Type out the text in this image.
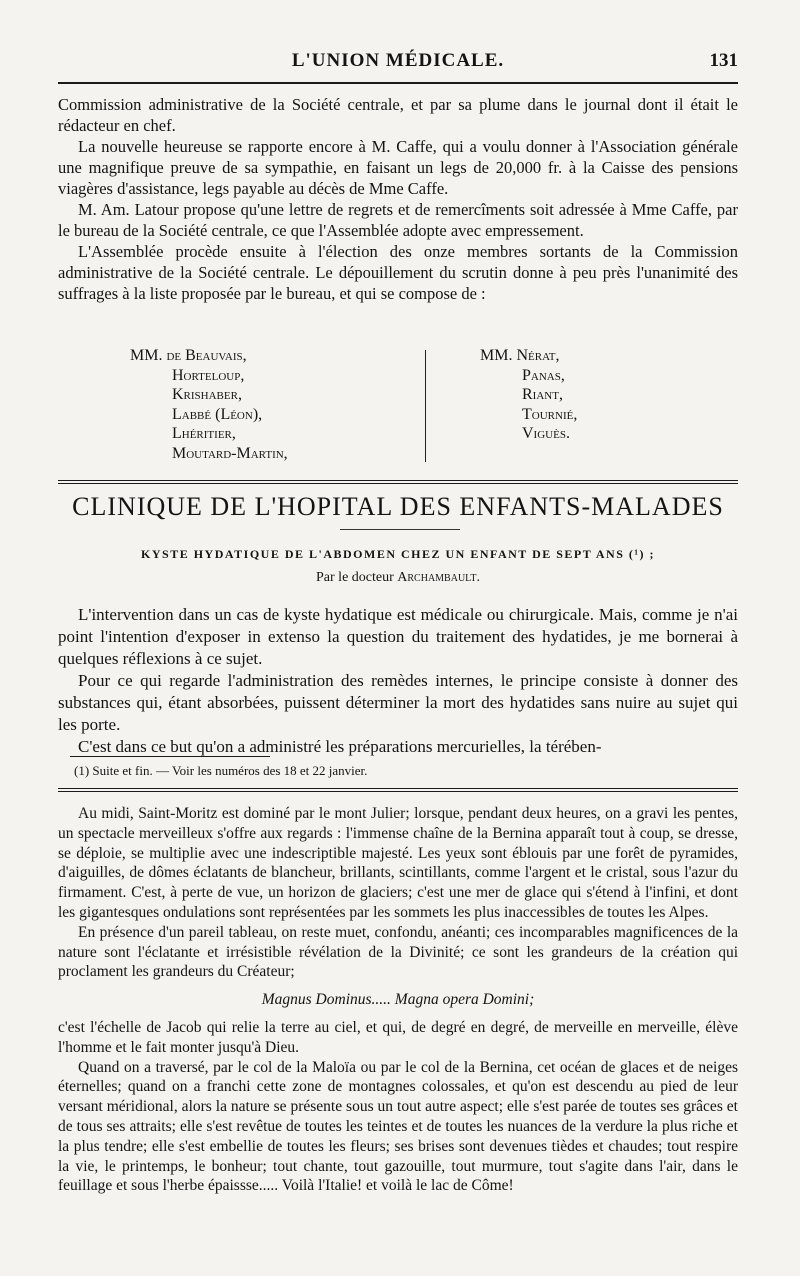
L'UNION MÉDICALE.	131

Commission administrative de la Société centrale, et par sa plume dans le journal dont il était le rédacteur en chef.

La nouvelle heureuse se rapporte encore à M. Caffe, qui a voulu donner à l'Association générale une magnifique preuve de sa sympathie, en faisant un legs de 20,000 fr. à la Caisse des pensions viagères d'assistance, legs payable au décès de Mme Caffe.

M. Am. Latour propose qu'une lettre de regrets et de remercîments soit adressée à Mme Caffe, par le bureau de la Société centrale, ce que l'Assemblée adopte avec empressement.

L'Assemblée procède ensuite à l'élection des onze membres sortants de la Commission administrative de la Société centrale. Le dépouillement du scrutin donne à peu près l'unanimité des suffrages à la liste proposée par le bureau, et qui se compose de :

MM. de Beauvais,
Horteloup,
Krishaber,
Labbé (Léon),
Lhéritier,
Moutard-Martin,
MM. Nérat,
Panas,
Riant,
Tournié,
Viguès.
CLINIQUE DE L'HOPITAL DES ENFANTS-MALADES
KYSTE HYDATIQUE DE L'ABDOMEN CHEZ UN ENFANT DE SEPT ANS (¹) ;
Par le docteur Archambault.

L'intervention dans un cas de kyste hydatique est médicale ou chirurgicale. Mais, comme je n'ai point l'intention d'exposer in extenso la question du traitement des hydatides, je me bornerai à quelques réflexions à ce sujet.

Pour ce qui regarde l'administration des remèdes internes, le principe consiste à donner des substances qui, étant absorbées, puissent déterminer la mort des hydatides sans nuire au sujet qui les porte.

C'est dans ce but qu'on a administré les préparations mercurielles, la térében-

(1) Suite et fin. — Voir les numéros des 18 et 22 janvier.

Au midi, Saint-Moritz est dominé par le mont Julier; lorsque, pendant deux heures, on a gravi les pentes, un spectacle merveilleux s'offre aux regards : l'immense chaîne de la Bernina apparaît tout à coup, se dresse, se déploie, se multiplie avec une indescriptible majesté. Les yeux sont éblouis par une forêt de pyramides, d'aiguilles, de dômes éclatants de blancheur, brillants, scintillants, comme l'argent et le cristal, sous l'azur du firmament. C'est, à perte de vue, un horizon de glaciers; c'est une mer de glace qui s'étend à l'infini, et dont les gigantesques ondulations sont représentées par les sommets les plus inaccessibles de toutes les Alpes.

En présence d'un pareil tableau, on reste muet, confondu, anéanti; ces incomparables magnificences de la nature sont l'éclatante et irrésistible révélation de la Divinité; ce sont les grandeurs de la création qui proclament les grandeurs du Créateur;

Magnus Dominus..... Magna opera Domini;

c'est l'échelle de Jacob qui relie la terre au ciel, et qui, de degré en degré, de merveille en merveille, élève l'homme et le fait monter jusqu'à Dieu.

Quand on a traversé, par le col de la Maloïa ou par le col de la Bernina, cet océan de glaces et de neiges éternelles; quand on a franchi cette zone de montagnes colossales, et qu'on est descendu au pied de leur versant méridional, alors la nature se présente sous un tout autre aspect; elle s'est parée de toutes ses grâces et de tous ses attraits; elle s'est revêtue de toutes les teintes et de toutes les nuances de la verdure la plus riche et la plus tendre; elle s'est embellie de toutes les fleurs; ses brises sont devenues tièdes et chaudes; tout respire la vie, le printemps, le bonheur; tout chante, tout gazouille, tout murmure, tout s'agite dans l'air, dans le feuillage et sous l'herbe épaissse..... Voilà l'Italie! et voilà le lac de Côme!
